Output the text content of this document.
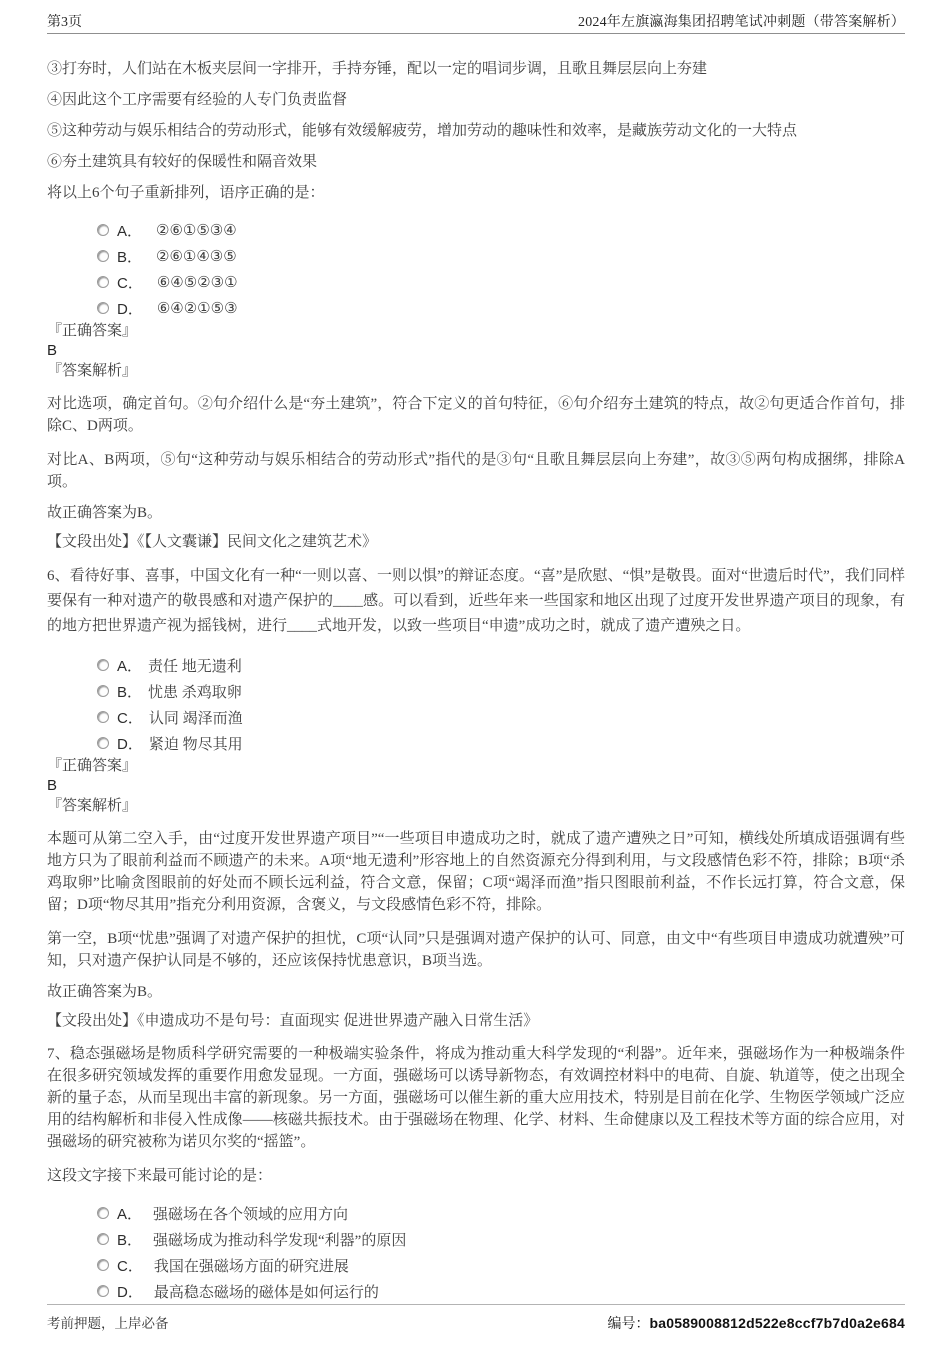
第3页	2024年左旗瀛海集团招聘笔试冲刺题（带答案解析）

③打夯时，人们站在木板夹层间一字排开，手持夯锤，配以一定的唱词步调，且歌且舞层层向上夯建

④因此这个工序需要有经验的人专门负责监督

⑤这种劳动与娱乐相结合的劳动形式，能够有效缓解疲劳，增加劳动的趣味性和效率，是藏族劳动文化的一大特点

⑥夯土建筑具有较好的保暖性和隔音效果

将以上6个句子重新排列，语序正确的是：

A． ②⑥①⑤③④
B． ②⑥①④③⑤
C． ⑥④⑤②③①
D． ⑥④②①⑤③

『正确答案』

B

『答案解析』

对比选项，确定首句。②句介绍什么是“夯土建筑”，符合下定义的首句特征，⑥句介绍夯土建筑的特点，故②句更适合作首句，排除C、D两项。

对比A、B两项，⑤句“这种劳动与娱乐相结合的劳动形式”指代的是③句“且歌且舞层层向上夯建”，故③⑤两句构成捆绑，排除A项。

故正确答案为B。

【文段出处】《【人文囊谦】民间文化之建筑艺术》

6、看待好事、喜事，中国文化有一种“一则以喜、一则以惧”的辩证态度。“喜”是欣慰、“惧”是敬畏。面对“世遗后时代”，我们同样要保有一种对遗产的敬畏感和对遗产保护的____感。可以看到，近些年来一些国家和地区出现了过度开发世界遗产项目的现象，有的地方把世界遗产视为摇钱树，进行____式地开发，以致一些项目“申遗”成功之时，就成了遗产遭殃之日。

A． 责任 地无遗利
B． 忧患 杀鸡取卵
C． 认同 竭泽而渔
D． 紧迫 物尽其用

『正确答案』

B

『答案解析』

本题可从第二空入手，由“过度开发世界遗产项目”“一些项目申遗成功之时，就成了遗产遭殃之日”可知，横线处所填成语强调有些地方只为了眼前利益而不顾遗产的未来。A项“地无遗利”形容地上的自然资源充分得到利用，与文段感情色彩不符，排除；B项“杀鸡取卵”比喻贪图眼前的好处而不顾长远利益，符合文意，保留；C项“竭泽而渔”指只图眼前利益，不作长远打算，符合文意，保留；D项“物尽其用”指充分利用资源，含褒义，与文段感情色彩不符，排除。

第一空，B项“忧患”强调了对遗产保护的担忧，C项“认同”只是强调对遗产保护的认可、同意，由文中“有些项目申遗成功就遭殃”可知，只对遗产保护认同是不够的，还应该保持忧患意识，B项当选。

故正确答案为B。

【文段出处】《申遗成功不是句号：直面现实 促进世界遗产融入日常生活》

7、稳态强磁场是物质科学研究需要的一种极端实验条件，将成为推动重大科学发现的“利器”。近年来，强磁场作为一种极端条件在很多研究领域发挥的重要作用愈发显现。一方面，强磁场可以诱导新物态，有效调控材料中的电荷、自旋、轨道等，使之出现全新的量子态，从而呈现出丰富的新现象。另一方面，强磁场可以催生新的重大应用技术，特别是目前在化学、生物医学领域广泛应用的结构解析和非侵入性成像——核磁共振技术。由于强磁场在物理、化学、材料、生命健康以及工程技术等方面的综合应用，对强磁场的研究被称为诺贝尔奖的“摇篮”。

这段文字接下来最可能讨论的是：

A． 强磁场在各个领域的应用方向
B． 强磁场成为推动科学发现“利器”的原因
C． 我国在强磁场方面的研究进展
D． 最高稳态磁场的磁体是如何运行的
考前押题，上岸必备	编号：ba0589008812d522e8ccf7b7d0a2e684
